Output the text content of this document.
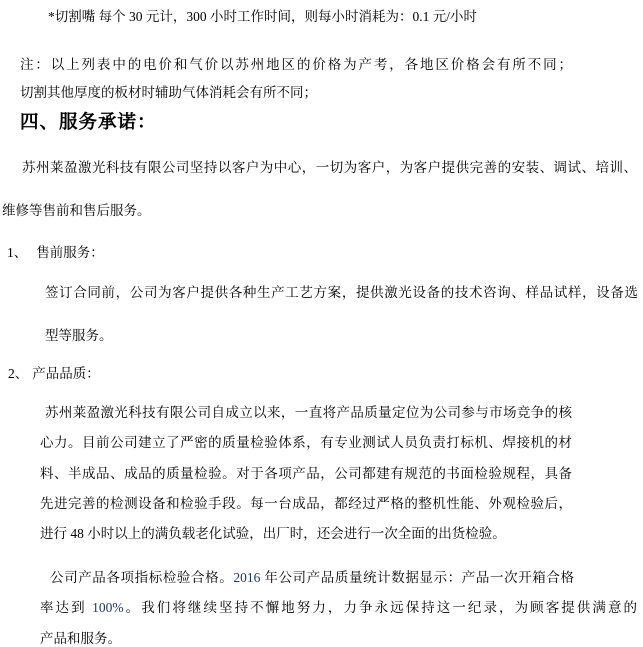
*切割嘴 每个 30 元计，300 小时工作时间，则每小时消耗为：0.1 元/小时
注：以上列表中的电价和气价以苏州地区的价格为产考，各地区价格会有所不同；
切割其他厚度的板材时辅助气体消耗会有所不同；
四、服务承诺：
苏州莱盈激光科技有限公司坚持以客户为中心，一切为客户，为客户提供完善的安装、调试、培训、
维修等售前和售后服务。
1、 售前服务：
签订合同前，公司为客户提供各种生产工艺方案，提供激光设备的技术咨询、样品试样，设备选
型等服务。
2、 产品品质：
苏州莱盈激光科技有限公司自成立以来，一直将产品质量定位为公司参与市场竞争的核
心力。目前公司建立了严密的质量检验体系，有专业测试人员负责打标机、焊接机的材
料、半成品、成品的质量检验。对于各项产品，公司都建有规范的书面检验规程，具备
先进完善的检测设备和检验手段。每一台成品，都经过严格的整机性能、外观检验后，
进行 48 小时以上的满负载老化试验，出厂时，还会进行一次全面的出货检验。
公司产品各项指标检验合格。2016 年公司产品质量统计数据显示：产品一次开箱合格
率达到 100%。我们将继续坚持不懈地努力，力争永远保持这一纪录，为顾客提供满意的
产品和服务。
